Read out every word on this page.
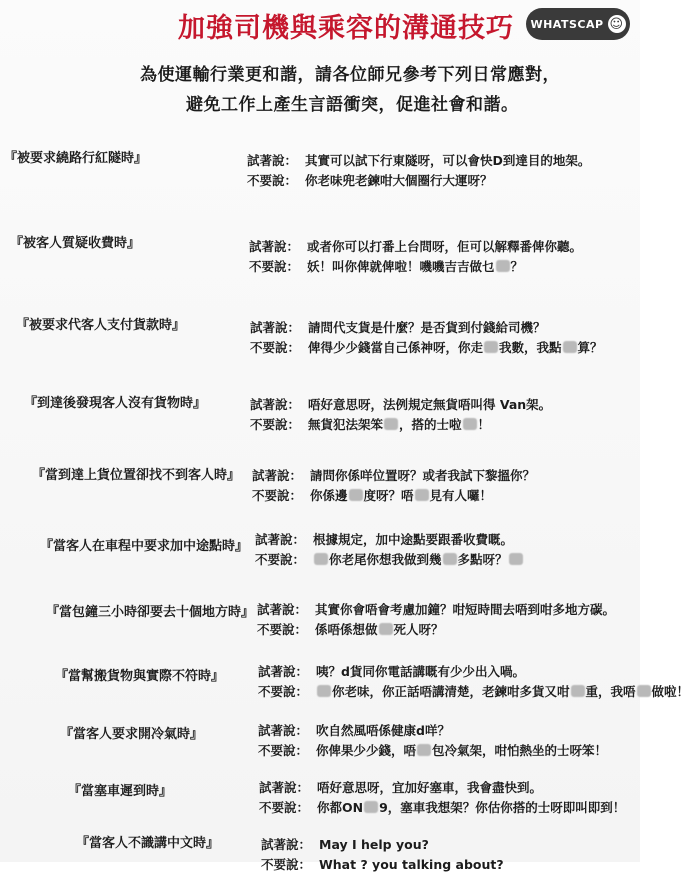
加強司機與乘容的溝通技巧 WHATSCAP ☺
為使運輸行業更和諧，請各位師兄參考下列日常應對，
避免工作上產生言語衝突，促進社會和諧。
『被要求繞路行紅隧時』	試著說： 其實可以試下行東隧呀，可以會快D到達目的地架。
不要說： 你老味兜老鍊咁大個圈行大運呀？
『被客人質疑收費時』	試著說： 或者你可以打番上台問呀，佢可以解釋番俾你聽。
不要說： 妖！叫你俾就俾啦！嘰嘰吉吉做乜 ？
『被要求代客人支付貨款時』	試著說： 請問代支貨是什麼？是否貨到付錢給司機？
不要說： 俾得少少錢當自己係神呀，你走 我數，我點 算？
『到達後發現客人沒有貨物時』	試著說： 唔好意思呀，法例規定無貨唔叫得 Van架。
不要說： 無貨犯法架笨 ，搭的士啦 ！
『當到達上貨位置卻找不到客人時』 試著說： 請問你係咩位置呀？或者我試下黎搵你？
不要說： 你係邊 度呀？唔 見有人囉！
『當客人在車程中要求加中途點時』 試著說： 根據規定，加中途點要跟番收費嘅。
不要說： 你老尾你想我做到幾 多點呀？
『當包鐘三小時卻要去十個地方時』 試著說： 其實你會唔會考慮加鐘？咁短時間去唔到咁多地方碳。
不要說： 係唔係想做 死人呀？
『當幫搬貨物與實際不符時』	試著說： 咦？d貨同你電話講嘅有少少出入喎。
不要說： 你老味，你正話唔講清楚，老鍊咁多貨又咁 重，我唔 做啦！
『當客人要求開冷氣時』	試著說： 吹自然風唔係健康d咩？
不要說： 你俾果少少錢，唔 包冷氣架，咁怕熱坐的士呀笨！
『當塞車遲到時』	試著說： 唔好意思呀，宜加好塞車，我會盡快到。
不要說： 你都ON 9，塞車我想架？你估你搭的士呀即叫即到！
『當客人不識講中文時』	試著說： May I help you?
不要說： What ? you talking about?
